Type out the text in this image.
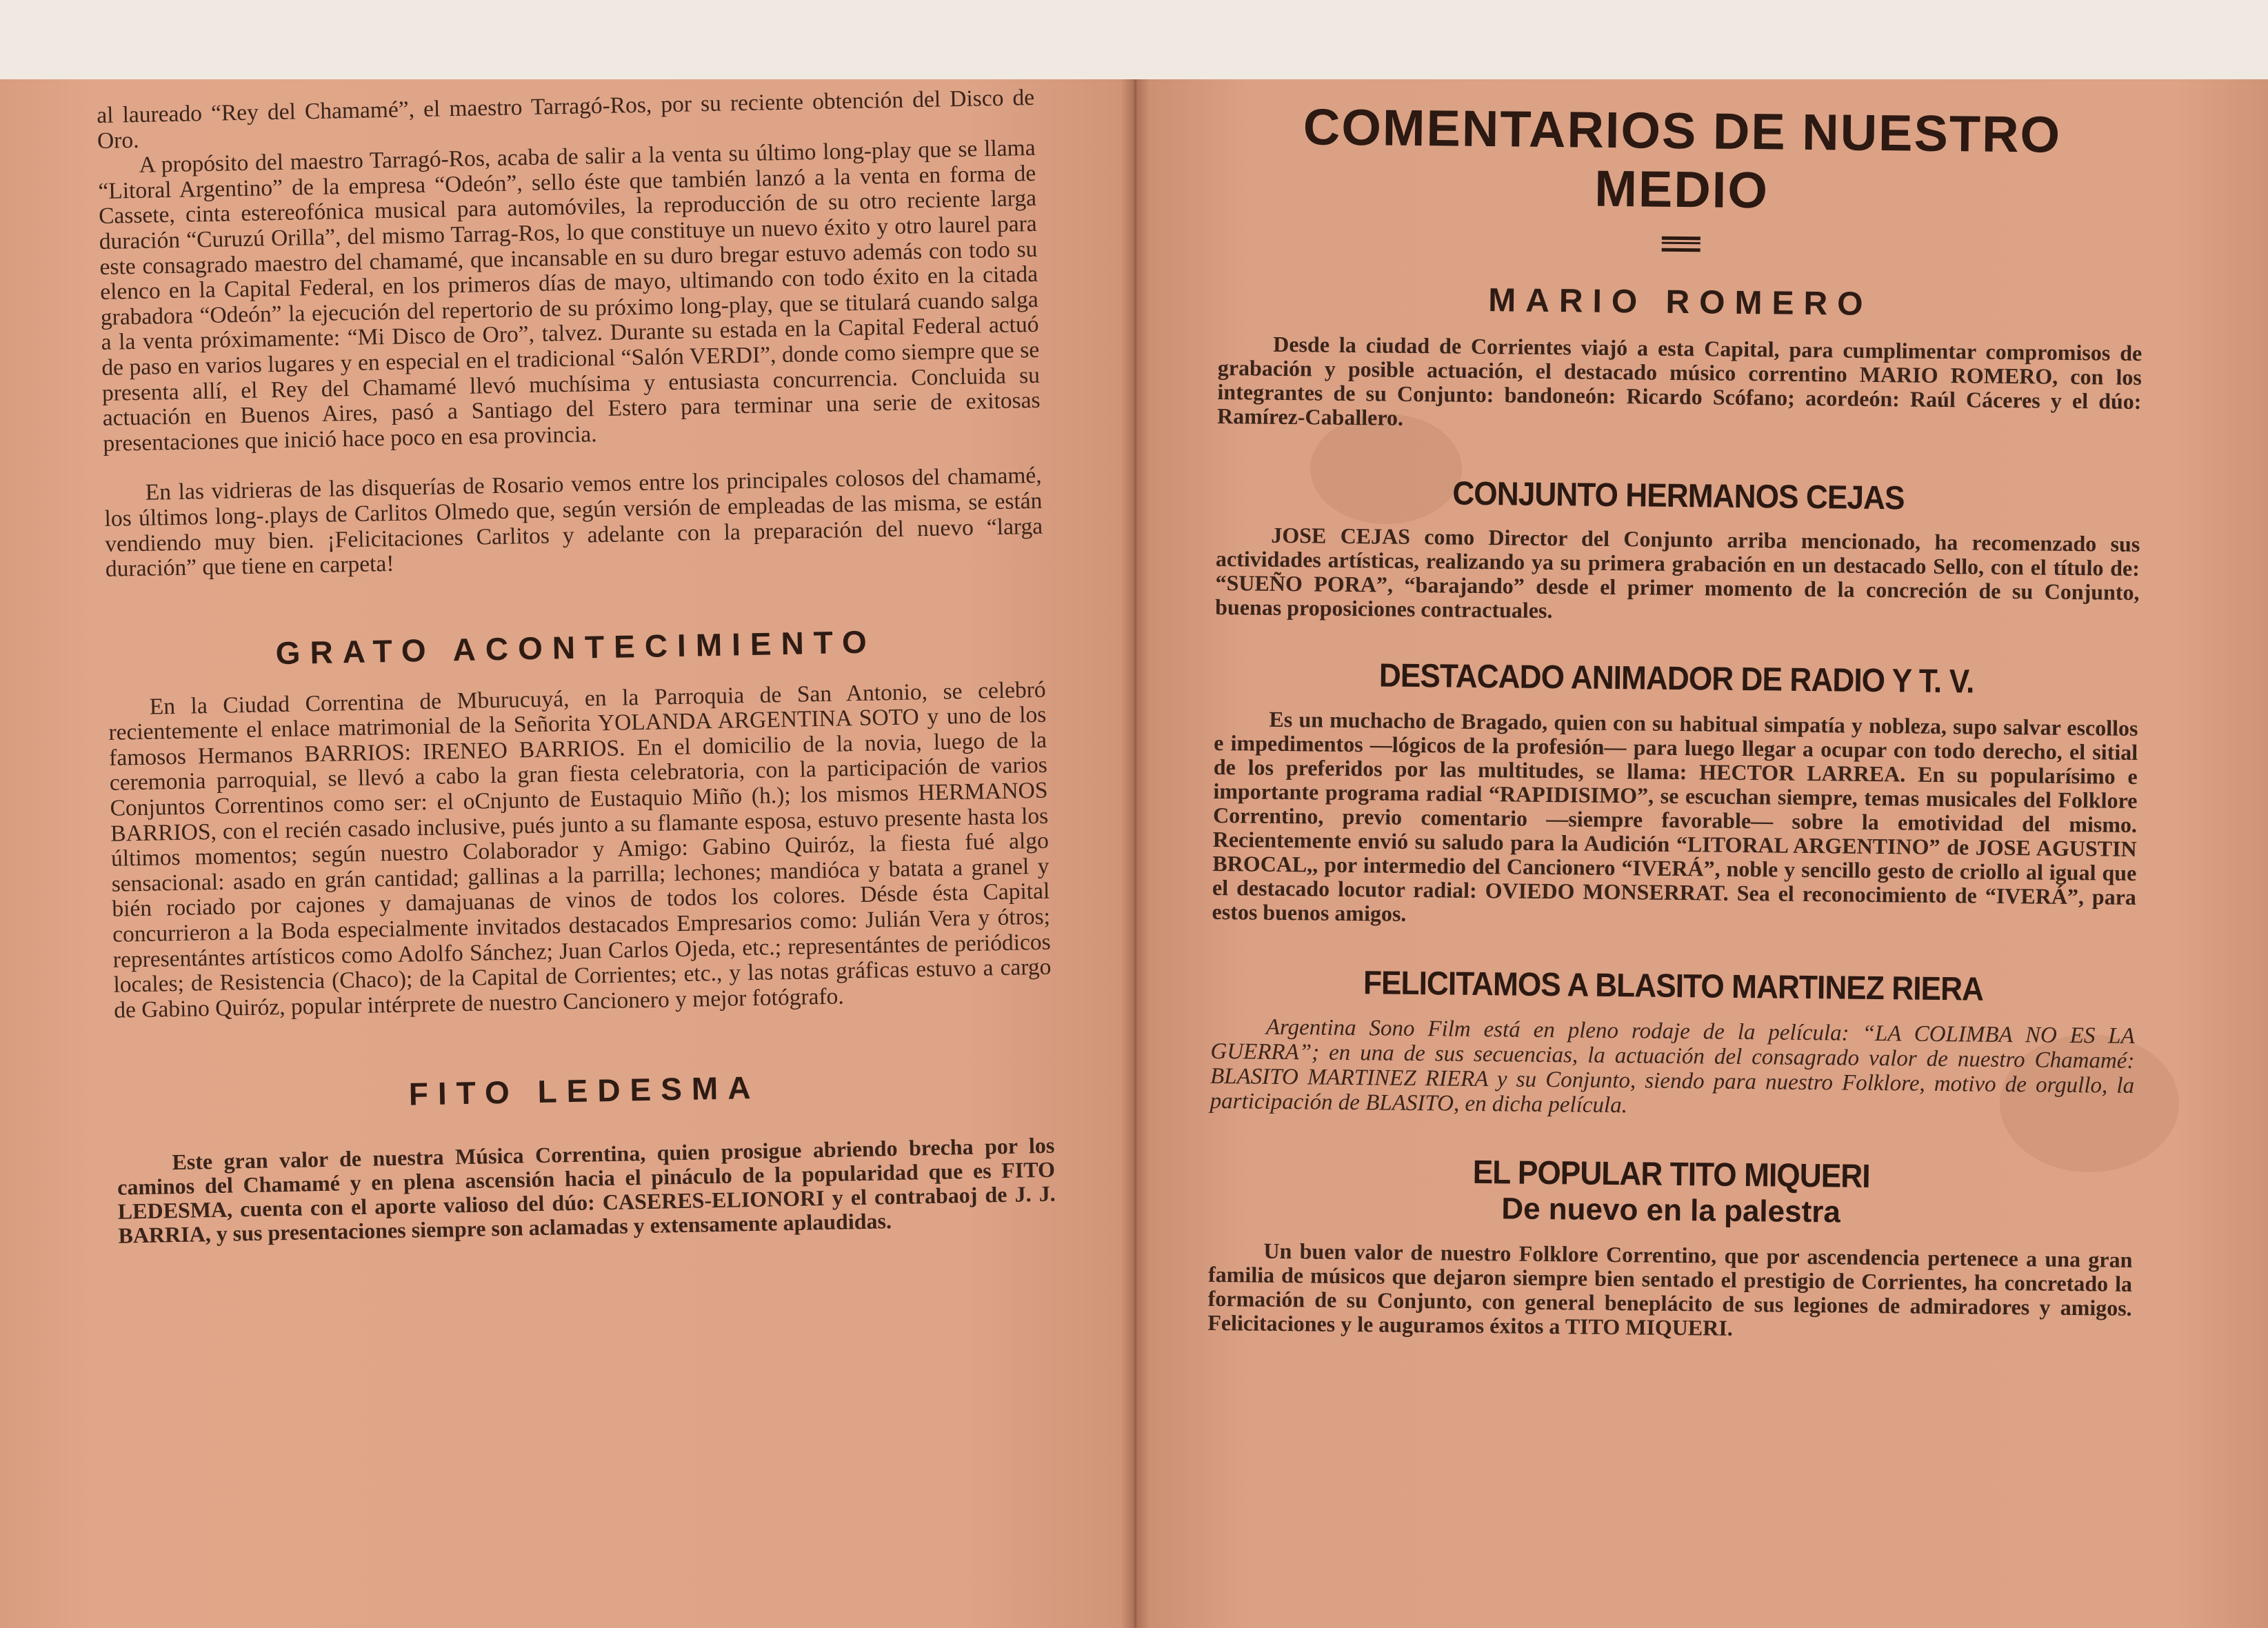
al laureado “Rey del Chamamé”, el maestro Tarragó-Ros, por su reciente obtención del Disco de Oro. A propósito del maestro Tarragó-Ros, acaba de salir a la venta su último long-play que se llama “Litoral Argentino” de la empresa “Odeón”, sello éste que también lanzó a la venta en forma de Cassete, cinta estereofónica musical para automóviles, la reproducción de su otro reciente larga duración “Curuzú Orilla”, del mismo Tarrag-Ros, lo que constituye un nuevo éxito y otro laurel para este consagrado maestro del chamamé, que incansable en su duro bregar estuvo además con todo su elenco en la Capital Federal, en los primeros días de mayo, ultimando con todo éxito en la citada grabadora “Odeón” la ejecución del repertorio de su próximo long-play, que se titulará cuando salga a la venta próximamente: “Mi Disco de Oro”, talvez. Durante su estada en la Capital Federal actuó de paso en varios lugares y en especial en el tradicional “Salón VERDI”, donde como siempre que se presenta allí, el Rey del Chamamé llevó muchísima y entusiasta concurrencia. Concluida su actuación en Buenos Aires, pasó a Santiago del Estero para terminar una serie de exitosas presentaciones que inició hace poco en esa provincia.

En las vidrieras de las disquerías de Rosario vemos entre los principales colosos del chamamé, los últimos long-.plays de Carlitos Olmedo que, según versión de empleadas de las misma, se están vendiendo muy bien. ¡Felicitaciones Carlitos y adelante con la preparación del nuevo “larga duración” que tiene en carpeta!

GRATO ACONTECIMIENTO

En la Ciudad Correntina de Mburucuyá, en la Parroquia de San Antonio, se celebró recientemente el enlace matrimonial de la Señorita YOLANDA ARGENTINA SOTO y uno de los famosos Hermanos BARRIOS: IRENEO BARRIOS. En el domicilio de la novia, luego de la ceremonia parroquial, se llevó a cabo la gran fiesta celebratoria, con la participación de varios Conjuntos Correntinos como ser: el oCnjunto de Eustaquio Miño (h.); los mismos HERMANOS BARRIOS, con el recién casado inclusive, pués junto a su flamante esposa, estuvo presente hasta los últimos momentos; según nuestro Colaborador y Amigo: Gabino Quiróz, la fiesta fué algo sensacional: asado en grán cantidad; gallinas a la parrilla; lechones; mandióca y batata a granel y bién rociado por cajones y damajuanas de vinos de todos los colores. Désde ésta Capital concurrieron a la Boda especialmente invitados destacados Empresarios como: Julián Vera y ótros; representántes artísticos como Adolfo Sánchez; Juan Carlos Ojeda, etc.; representántes de periódicos locales; de Resistencia (Chaco); de la Capital de Corrientes; etc., y las notas gráficas estuvo a cargo de Gabino Quiróz, popular intérprete de nuestro Cancionero y mejor fotógrafo.

FITO LEDESMA

Este gran valor de nuestra Música Correntina, quien prosigue abriendo brecha por los caminos del Chamamé y en plena ascensión hacia el pináculo de la popularidad que es FITO LEDESMA, cuenta con el aporte valioso del dúo: CASERES-ELIONORI y el contrabaoj de J. J. BARRIA, y sus presentaciones siempre son aclamadas y extensamente aplaudidas.

COMENTARIOS DE NUESTRO MEDIO
MARIO ROMERO

Desde la ciudad de Corrientes viajó a esta Capital, para cumplimentar compromisos de grabación y posible actuación, el destacado músico correntino MARIO ROMERO, con los integrantes de su Conjunto: bandoneón: Ricardo Scófano; acordeón: Raúl Cáceres y el dúo: Ramírez-Caballero.

CONJUNTO HERMANOS CEJAS

JOSE CEJAS como Director del Conjunto arriba mencionado, ha recomenzado sus actividades artísticas, realizando ya su primera grabación en un destacado Sello, con el título de: “SUEÑO PORA”, “barajando” desde el primer momento de la concreción de su Conjunto, buenas proposiciones contractuales.

DESTACADO ANIMADOR DE RADIO Y T. V.

Es un muchacho de Bragado, quien con su habitual simpatía y nobleza, supo salvar escollos e impedimentos —lógicos de la profesión— para luego llegar a ocupar con todo derecho, el sitial de los preferidos por las multitudes, se llama: HECTOR LARREA. En su popularísimo e importante programa radial “RAPIDISIMO”, se escuchan siempre, temas musicales del Folklore Correntino, previo comentario —siempre favorable— sobre la emotividad del mismo. Recientemente envió su saludo para la Audición “LITORAL ARGENTINO” de JOSE AGUSTIN BROCAL,, por intermedio del Cancionero “IVERÁ”, noble y sencillo gesto de criollo al igual que el destacado locutor radial: OVIEDO MONSERRAT. Sea el reconocimiento de “IVERÁ”, para estos buenos amigos.

FELICITAMOS A BLASITO MARTINEZ RIERA

Argentina Sono Film está en pleno rodaje de la película: “LA COLIMBA NO ES LA GUERRA”; en una de sus secuencias, la actuación del consagrado valor de nuestro Chamamé: BLASITO MARTINEZ RIERA y su Conjunto, siendo para nuestro Folklore, motivo de orgullo, la participación de BLASITO, en dicha película.

EL POPULAR TITO MIQUERI
De nuevo en la palestra

Un buen valor de nuestro Folklore Correntino, que por ascendencia pertenece a una gran familia de músicos que dejaron siempre bien sentado el prestigio de Corrientes, ha concretado la formación de su Conjunto, con general beneplácito de sus legiones de admiradores y amigos. Felicitaciones y le auguramos éxitos a TITO MIQUERI.
